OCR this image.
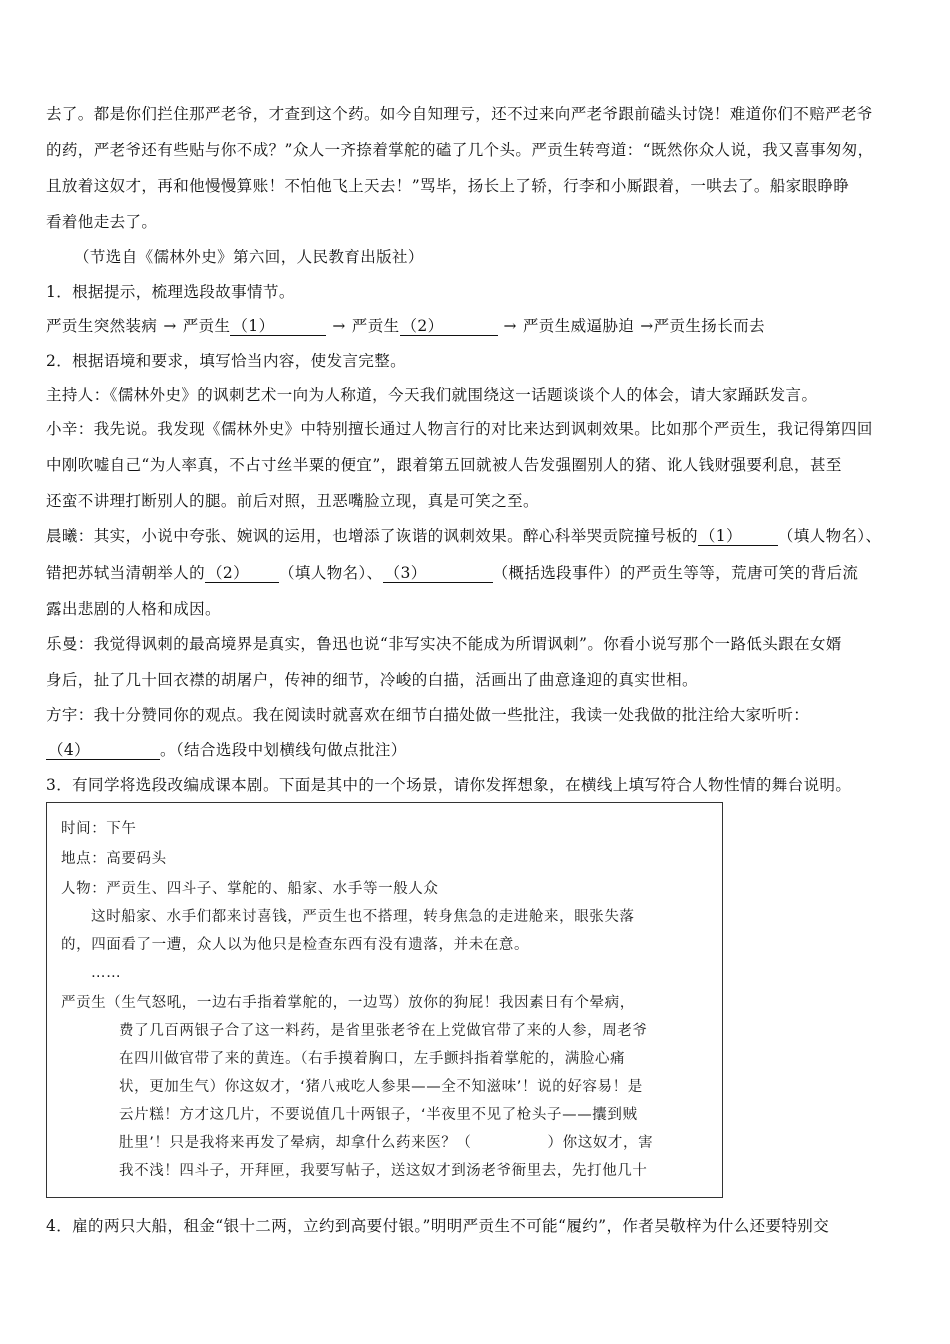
去了。都是你们拦住那严老爷，才查到这个药。如今自知理亏，还不过来向严老爷跟前磕头讨饶！难道你们不赔严老爷
的药，严老爷还有些贴与你不成？”众人一齐捺着掌舵的磕了几个头。严贡生转弯道：“既然你众人说，我又喜事匆匆，
且放着这奴才，再和他慢慢算账！不怕他飞上天去！”骂毕，扬长上了轿，行李和小厮跟着，一哄去了。船家眼睁睁
看着他走去了。
（节选自《儒林外史》第六回，人民教育出版社）
1．根据提示，梳理选段故事情节。
严贡生突然装病 → 严贡生 （1）	→ 严贡生 （2）	→ 严贡生威逼胁迫 →严贡生扬长而去
2．根据语境和要求，填写恰当内容，使发言完整。
主持人：《儒林外史》的讽刺艺术一向为人称道，今天我们就围绕这一话题谈谈个人的体会，请大家踊跃发言。
小辛：我先说。我发现《儒林外史》中特别擅长通过人物言行的对比来达到讽刺效果。比如那个严贡生，我记得第四回
中刚吹嘘自己“为人率真，不占寸丝半粟的便宜”，跟着第五回就被人告发强圈别人的猪、讹人钱财强要利息，甚至
还蛮不讲理打断别人的腿。前后对照，丑恶嘴脸立现，真是可笑之至。
晨曦：其实，小说中夸张、婉讽的运用，也增添了诙谐的讽刺效果。醉心科举哭贡院撞号板的 （1） （填人物名）、
错把苏轼当清朝举人的 （2） （填人物名）、 （3）	（概括选段事件）的严贡生等等，荒唐可笑的背后流
露出悲剧的人格和成因。
乐曼：我觉得讽刺的最高境界是真实，鲁迅也说“非写实决不能成为所谓讽刺”。你看小说写那个一路低头跟在女婿
身后，扯了几十回衣襟的胡屠户，传神的细节，冷峻的白描，活画出了曲意逢迎的真实世相。
方宇：我十分赞同你的观点。我在阅读时就喜欢在细节白描处做一些批注，我读一处我做的批注给大家听听：
（4）	。（结合选段中划横线句做点批注）
3．有同学将选段改编成课本剧。下面是其中的一个场景，请你发挥想象，在横线上填写符合人物性情的舞台说明。
时间：下午
地点：高要码头
人物：严贡生、四斗子、掌舵的、船家、水手等一般人众
这时船家、水手们都来讨喜钱，严贡生也不搭理，转身焦急的走进舱来，眼张失落
的，四面看了一遭，众人以为他只是检查东西有没有遗落，并未在意。
……
严贡生（生气怒吼，一边右手指着掌舵的，一边骂）放你的狗屁！我因素日有个晕病，
费了几百两银子合了这一料药，是省里张老爷在上党做官带了来的人参，周老爷
在四川做官带了来的黄连。（右手摸着胸口，左手颤抖指着掌舵的，满脸心痛
状，更加生气）你这奴才，‘猪八戒吃人参果——全不知滋味’！说的好容易！是
云片糕！方才这几片，不要说值几十两银子，‘半夜里不见了枪头子——攮到贼
肚里’！只是我将来再发了晕病，却拿什么药来医？（	）你这奴才，害
我不浅！四斗子，开拜匣，我要写帖子，送这奴才到汤老爷衙里去，先打他几十
4．雇的两只大船，租金“银十二两，立约到高要付银。”明明严贡生不可能“履约”，作者吴敬梓为什么还要特别交
